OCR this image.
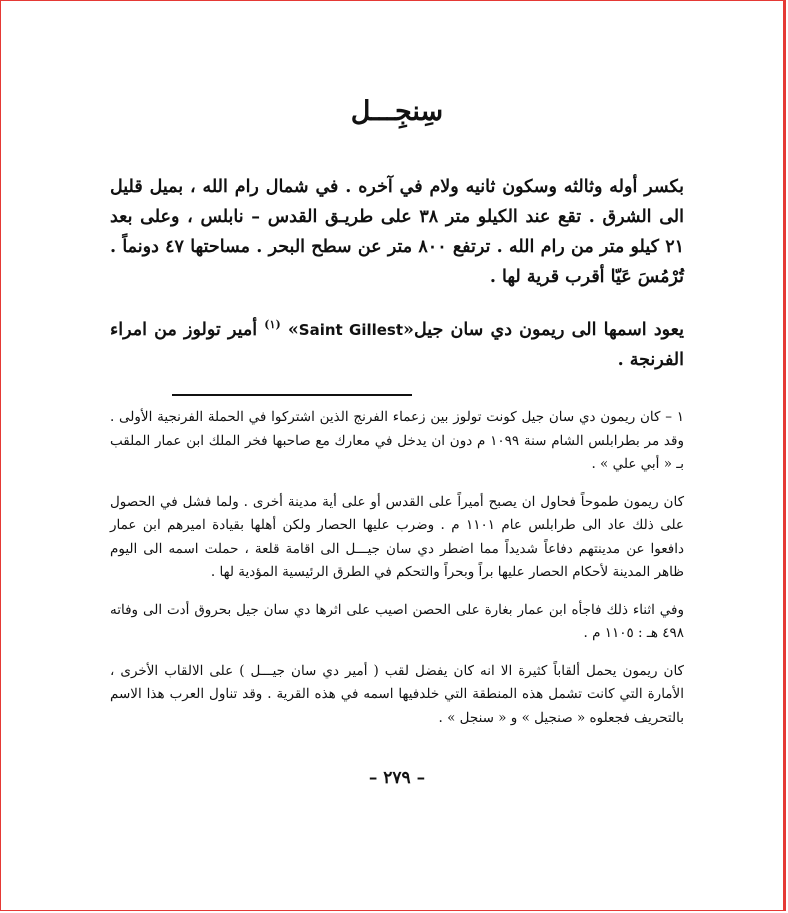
سِنجِـــل

بكسر أوله وثالثه وسكون ثانيه ولام في آخره . في شمال رام الله ، بميل قليل الى الشرق . تقع عند الكيلو متر ٣٨ على طريـق القدس – نابلس ، وعلى بعد ٢١ كيلو متر من رام الله . ترتفع ٨٠٠ متر عن سطح البحر . مساحتها ٤٧ دونماً . تُرْمُسَ عَيّا أقرب قرية لها .

يعود اسمها الى ريمون دي سان جيل«Saint Gillest» $^{(١)}$ أمير تولوز من امراء الفرنجة .

١ – كان ريمون دي سان جيل كونت تولوز بين زعماء الفرنج الذين اشتركوا في الحملة الفرنجية الأولى . وقد مر بطرابلس الشام سنة ١٠٩٩ م دون ان يدخل في معارك مع صاحبها فخر الملك ابن عمار الملقب بـ « أبي علي » .

كان ريمون طموحاً فحاول ان يصبح أميراً على القدس أو على أية مدينة أخرى . ولما فشل في الحصول على ذلك عاد الى طرابلس عام ١١٠١ م . وضرب عليها الحصار ولكن أهلها بقيادة اميرهم ابن عمار دافعوا عن مدينتهم دفاعاً شديداً مما اضطر دي سان جيـــل الى اقامة قلعة ، حملت اسمه الى اليوم ظاهر المدينة لأحكام الحصار عليها براً وبحراً والتحكم في الطرق الرئيسية المؤدية لها .

وفي اثناء ذلك فاجأه ابن عمار بغارة على الحصن اصيب على اثرها دي سان جيل بحروق أدت الى وفاته ٤٩٨ هـ : ١١٠٥ م .

كان ريمون يحمل ألقاباً كثيرة الا انه كان يفضل لقب ( أمير دي سان جيـــل ) على الالقاب الأخرى ، الأمارة التي كانت تشمل هذه المنطقة التي خلدفيها اسمه في هذه القرية . وقد تناول العرب هذا الاسم بالتحريف فجعلوه « صنجيل » و « سنجل » .

– ٢٧٩ –
